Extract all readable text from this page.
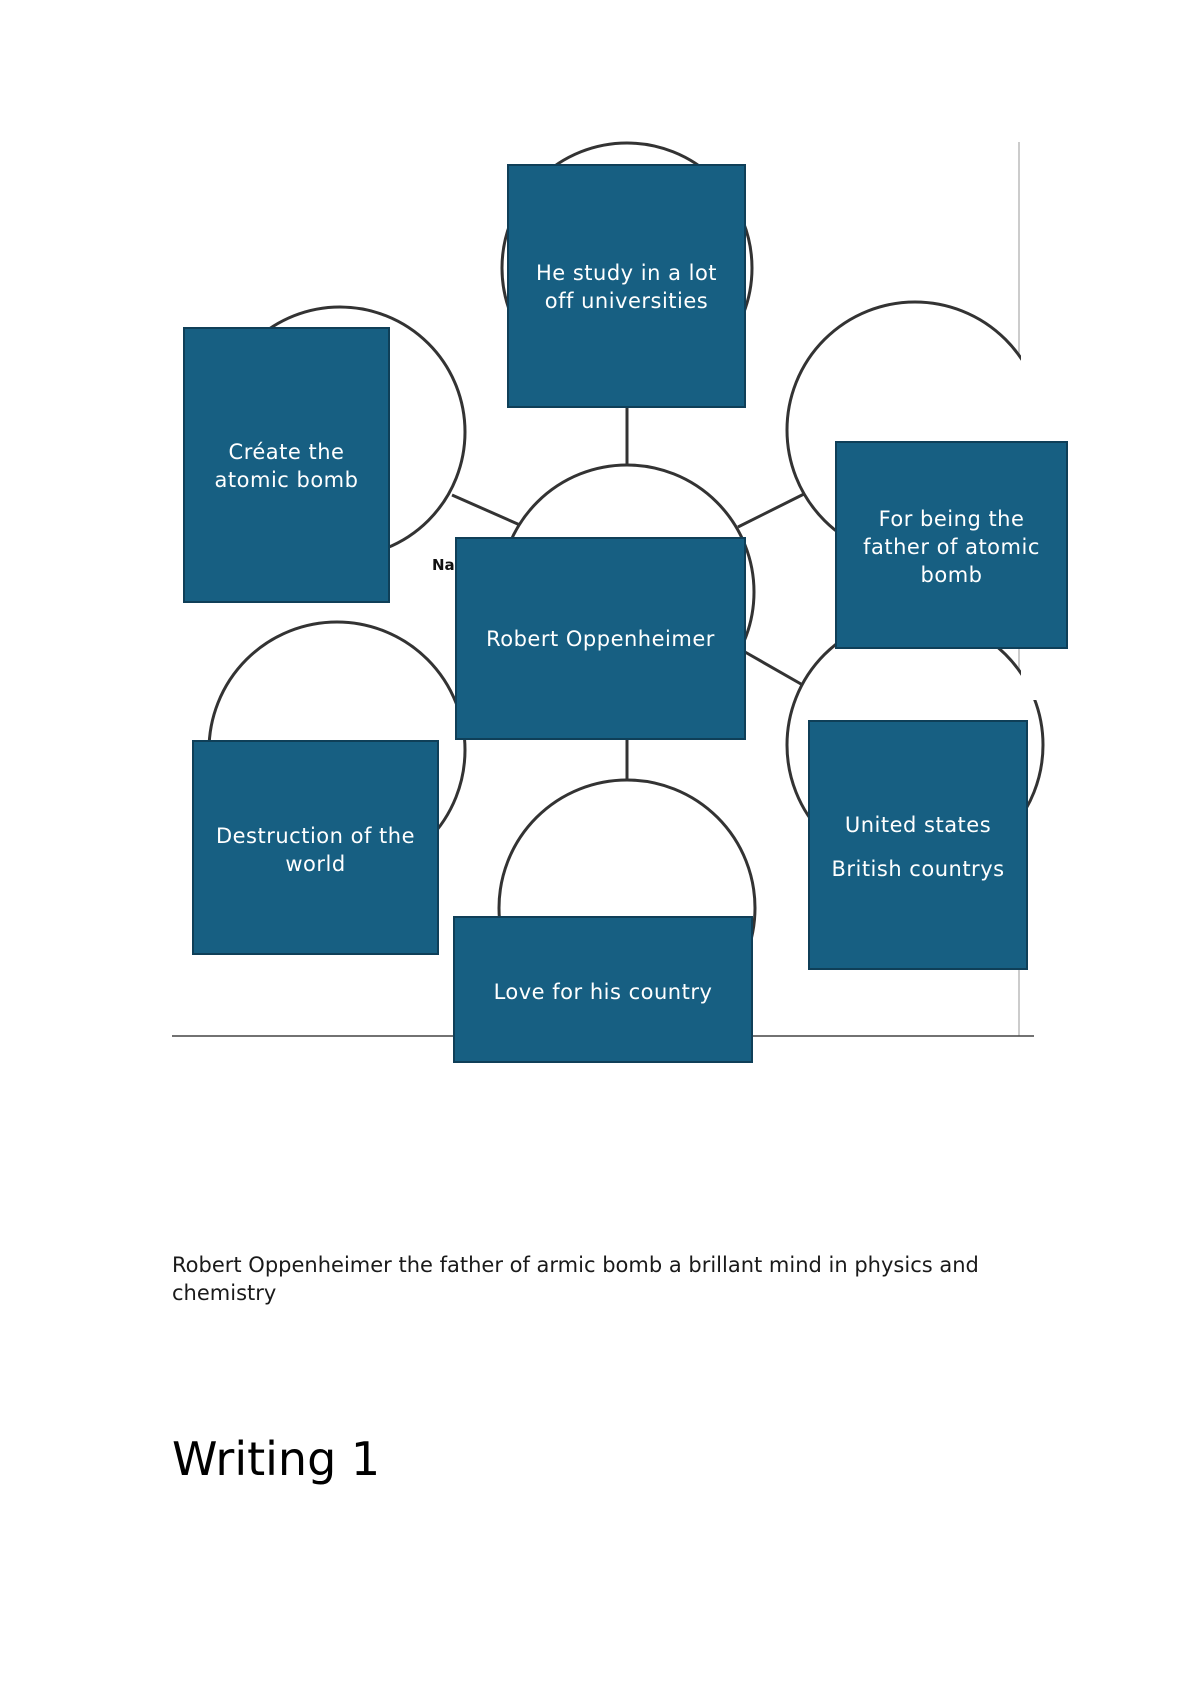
Na
He study in a lot
off universities
Créate the
atomic bomb
For being the
father of atomic
bomb
Robert Oppenheimer
United states
British countrys
Destruction of the
world
Love for his country

Robert Oppenheimer the father of armic bomb a brillant mind in physics and chemistry

Writing 1
